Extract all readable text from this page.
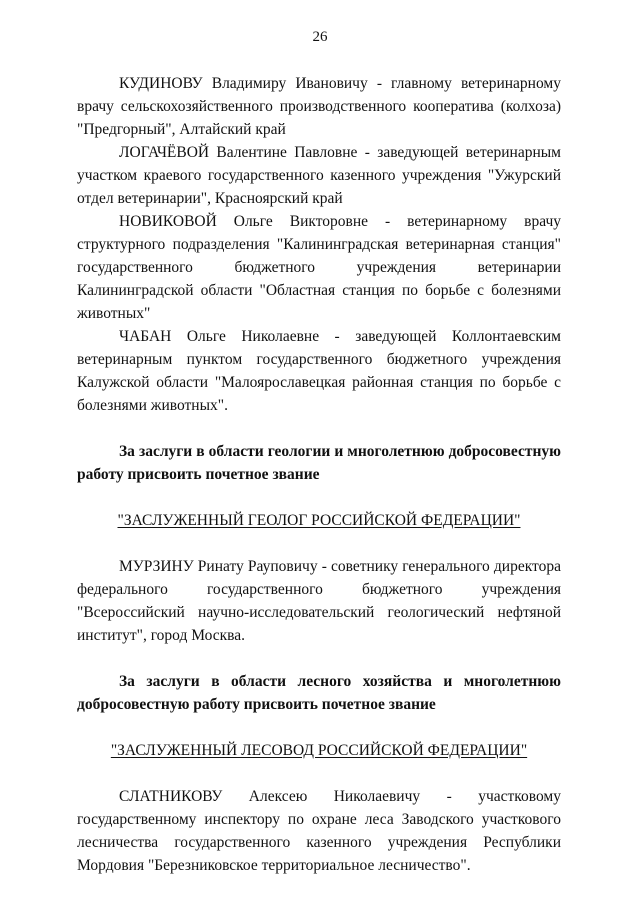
26

КУДИНОВУ Владимиру Ивановичу - главному ветеринарному врачу сельскохозяйственного производственного кооператива (колхоза) "Предгорный", Алтайский край

ЛОГАЧЁВОЙ Валентине Павловне - заведующей ветеринарным участком краевого государственного казенного учреждения "Ужурский отдел ветеринарии", Красноярский край

НОВИКОВОЙ Ольге Викторовне - ветеринарному врачу структурного подразделения "Калининградская ветеринарная станция" государственного бюджетного учреждения ветеринарии Калининградской области "Областная станция по борьбе с болезнями животных"

ЧАБАН Ольге Николаевне - заведующей Коллонтаевским ветеринарным пунктом государственного бюджетного учреждения Калужской области "Малоярославецкая районная станция по борьбе с болезнями животных".

За заслуги в области геологии и многолетнюю добросовестную работу присвоить почетное звание

"ЗАСЛУЖЕННЫЙ ГЕОЛОГ РОССИЙСКОЙ ФЕДЕРАЦИИ"

МУРЗИНУ Ринату Рауповичу - советнику генерального директора федерального государственного бюджетного учреждения "Всероссийский научно-исследовательский геологический нефтяной институт", город Москва.

За заслуги в области лесного хозяйства и многолетнюю добросовестную работу присвоить почетное звание

"ЗАСЛУЖЕННЫЙ ЛЕСОВОД РОССИЙСКОЙ ФЕДЕРАЦИИ"

СЛАТНИКОВУ Алексею Николаевичу - участковому государственному инспектору по охране леса Заводского участкового лесничества государственного казенного учреждения Республики Мордовия "Березниковское территориальное лесничество".
